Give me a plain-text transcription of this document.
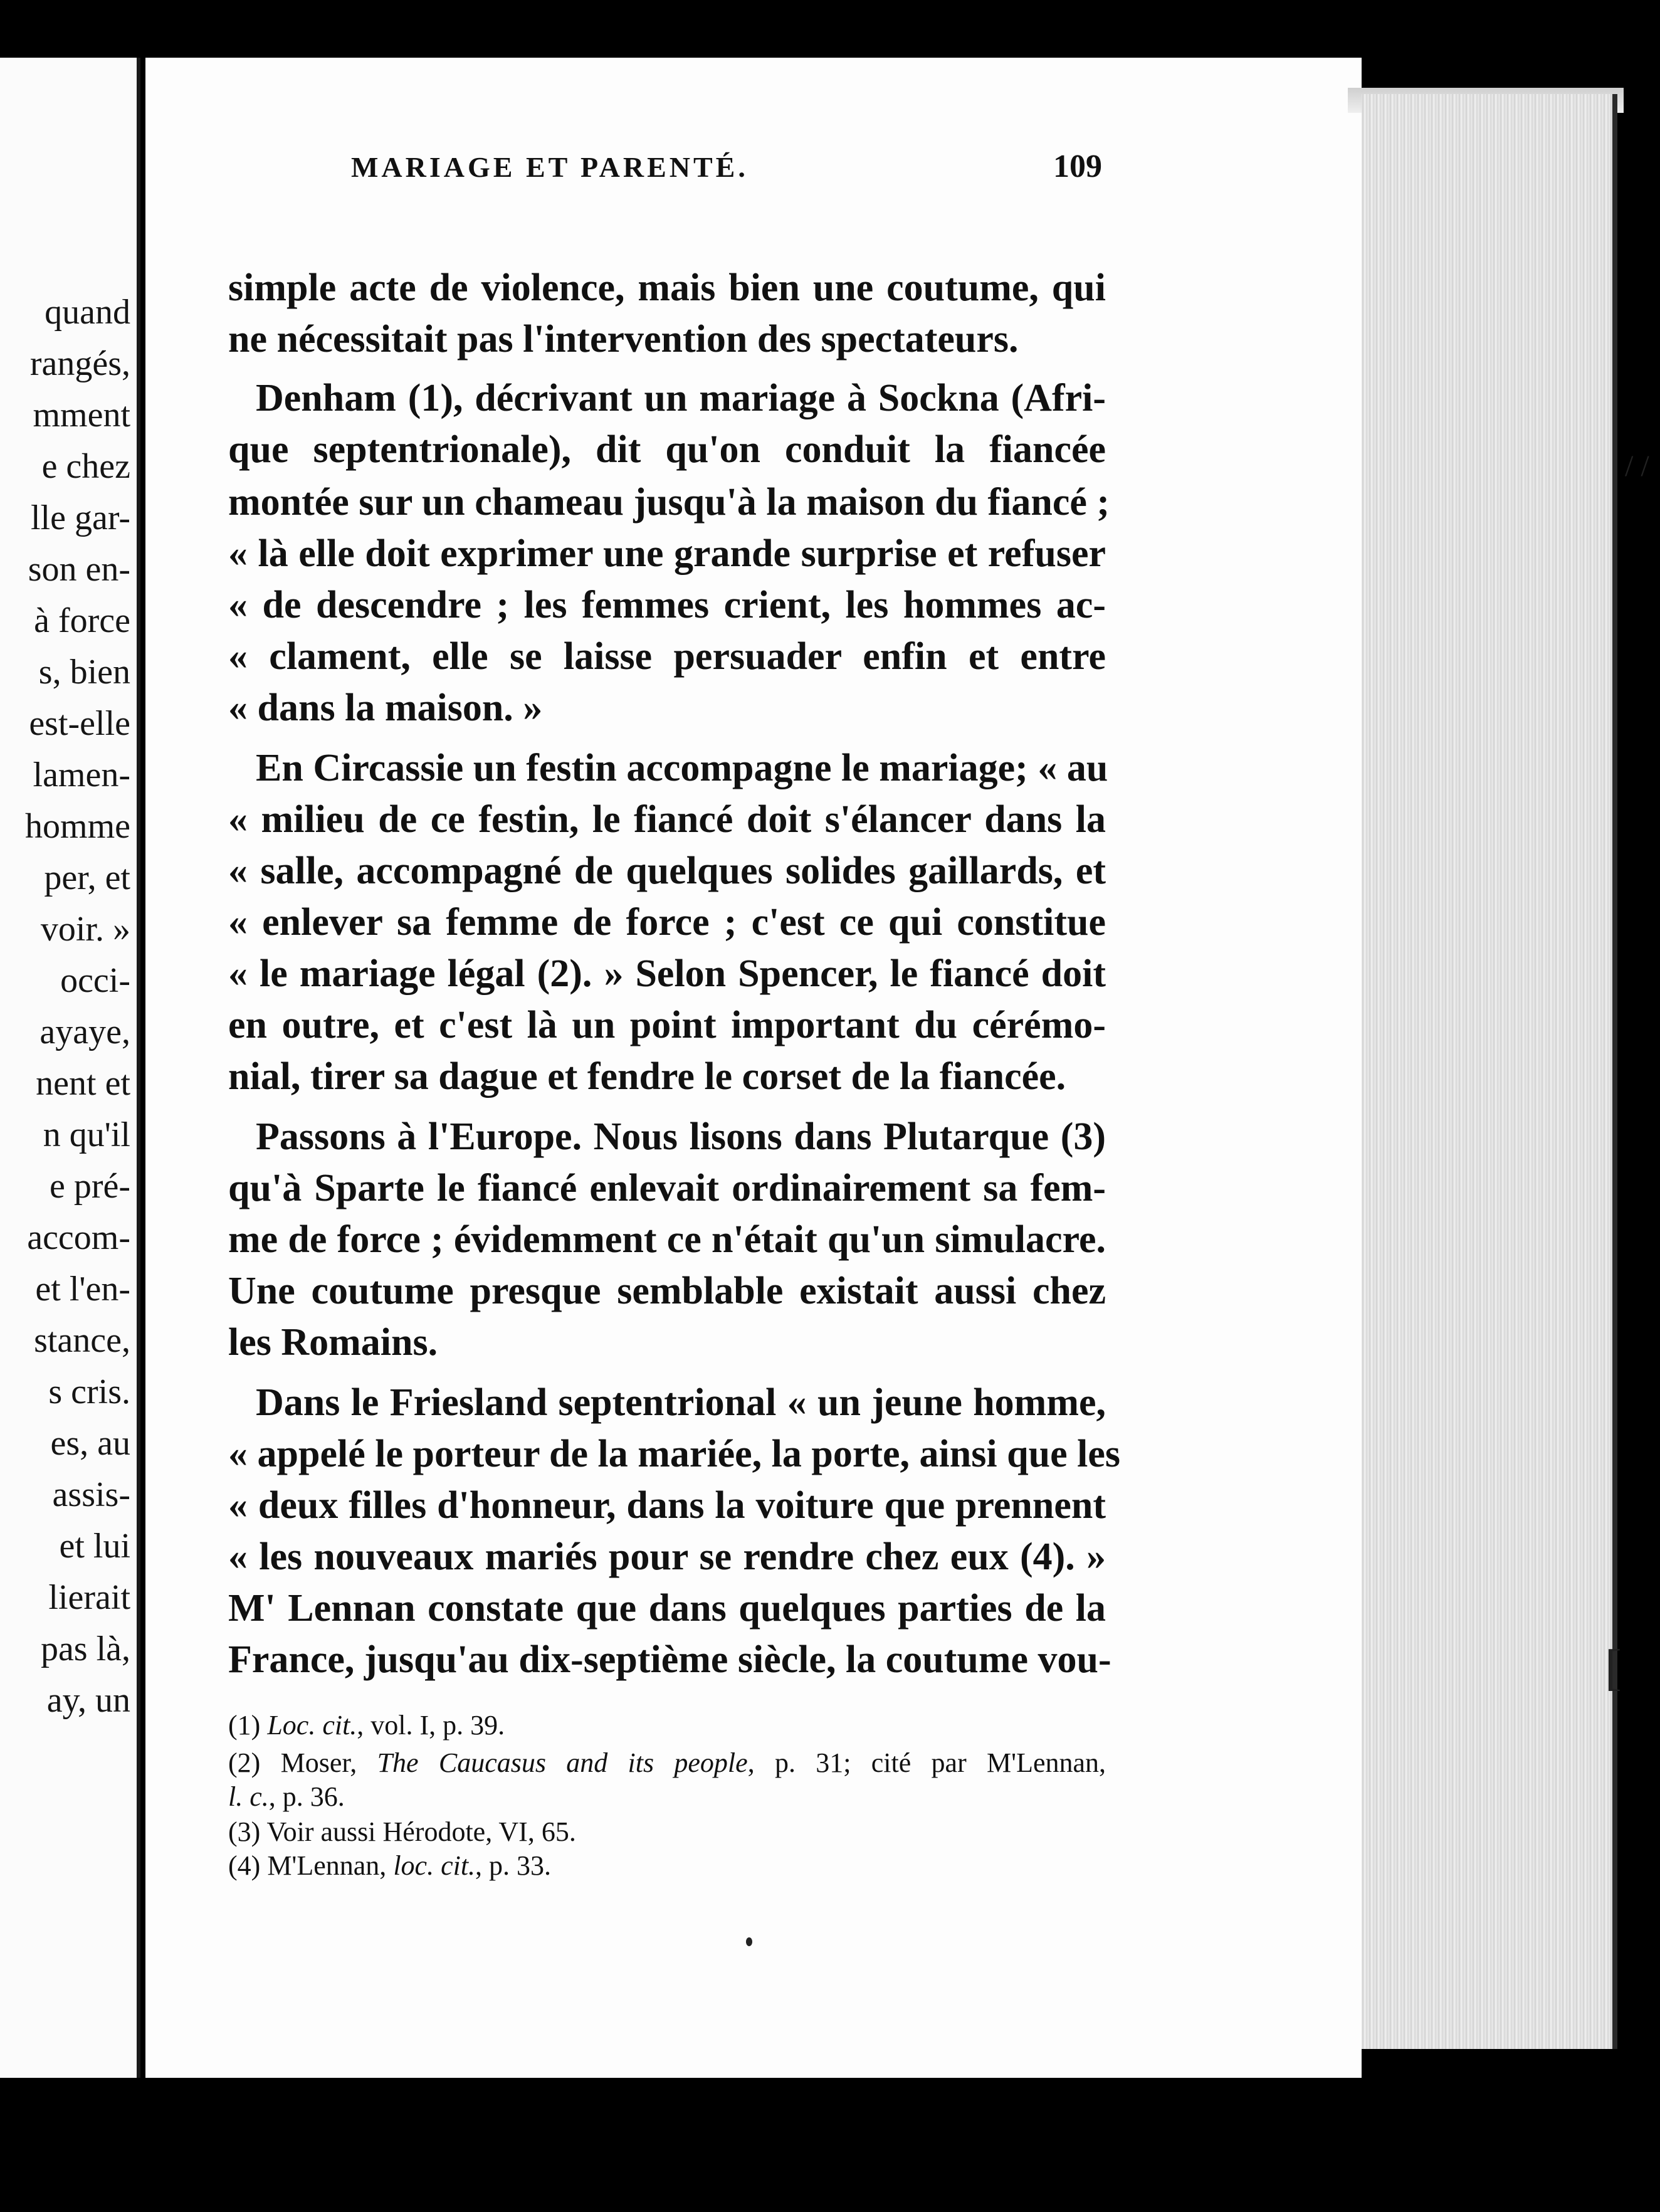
quand
rangés,
mment
e chez
lle gar-
son en-
à force
s, bien
est-elle
lamen-
homme
per, et
voir. »
occi-
ayaye,
nent et
n qu'il
e pré-
accom-
et l'en-
stance,
s cris.
es, au
assis-
et lui
lierait
pas là,
ay, un
/ /
[
MARIAGE ET PARENTÉ.	109
simple acte de violence, mais bien une coutume, qui
ne nécessitait pas l'intervention des spectateurs.
Denham (1), décrivant un mariage à Sockna (Afri-
que septentrionale), dit qu'on conduit la fiancée
montée sur un chameau jusqu'à la maison du fiancé ;
« là elle doit exprimer une grande surprise et refuser
« de descendre ; les femmes crient, les hommes ac-
« clament, elle se laisse persuader enfin et entre
« dans la maison. »
En Circassie un festin accompagne le mariage; « au
« milieu de ce festin, le fiancé doit s'élancer dans la
« salle, accompagné de quelques solides gaillards, et
« enlever sa femme de force ; c'est ce qui constitue
« le mariage légal (2). » Selon Spencer, le fiancé doit
en outre, et c'est là un point important du cérémo-
nial, tirer sa dague et fendre le corset de la fiancée.
Passons à l'Europe. Nous lisons dans Plutarque (3)
qu'à Sparte le fiancé enlevait ordinairement sa fem-
me de force ; évidemment ce n'était qu'un simulacre.
Une coutume presque semblable existait aussi chez
les Romains.
Dans le Friesland septentrional « un jeune homme,
« appelé le porteur de la mariée, la porte, ainsi que les
« deux filles d'honneur, dans la voiture que prennent
« les nouveaux mariés pour se rendre chez eux (4). »
M' Lennan constate que dans quelques parties de la
France, jusqu'au dix-septième siècle, la coutume vou-
(1) Loc. cit., vol. I, p. 39.
(2) Moser, The Caucasus and its people, p. 31; cité par M'Lennan,
l. c., p. 36.
(3) Voir aussi Hérodote, VI, 65.
(4) M'Lennan, loc. cit., p. 33.
